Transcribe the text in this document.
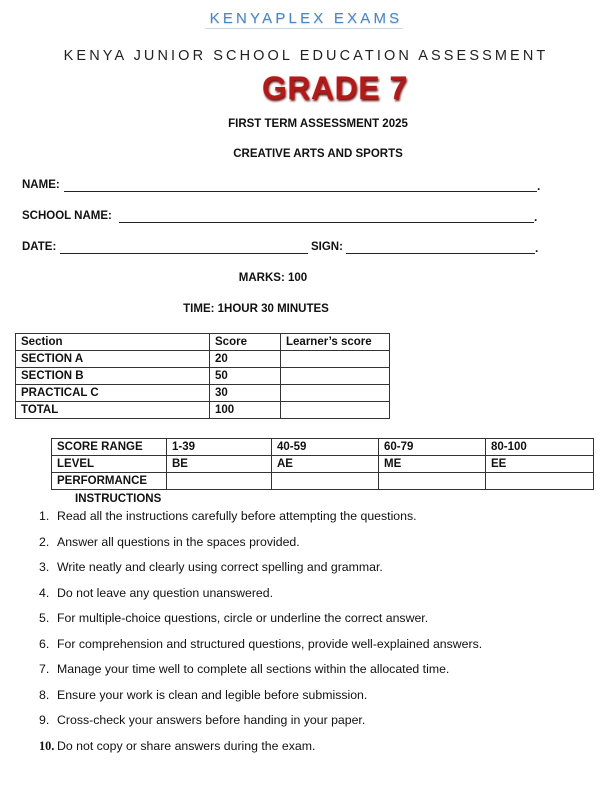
KENYAPLEX EXAMS
KENYA JUNIOR SCHOOL EDUCATION ASSESSMENT
GRADE 7
FIRST TERM ASSESSMENT 2025
CREATIVE ARTS AND SPORTS
NAME:	.
SCHOOL NAME:	.
DATE:	SIGN:	.
MARKS: 100
TIME: 1HOUR 30 MINUTES
Section	Score	Learner’s score
SECTION A	20	
SECTION B	50	
PRACTICAL C	30	
TOTAL	100	
SCORE RANGE	1-39	40-59	60-79	80-100
LEVEL	BE	AE	ME	EE
PERFORMANCE				
INSTRUCTIONS
1. Read all the instructions carefully before attempting the questions.
2. Answer all questions in the spaces provided.
3. Write neatly and clearly using correct spelling and grammar.
4. Do not leave any question unanswered.
5. For multiple-choice questions, circle or underline the correct answer.
6. For comprehension and structured questions, provide well-explained answers.
7. Manage your time well to complete all sections within the allocated time.
8. Ensure your work is clean and legible before submission.
9. Cross-check your answers before handing in your paper.
10. Do not copy or share answers during the exam.
